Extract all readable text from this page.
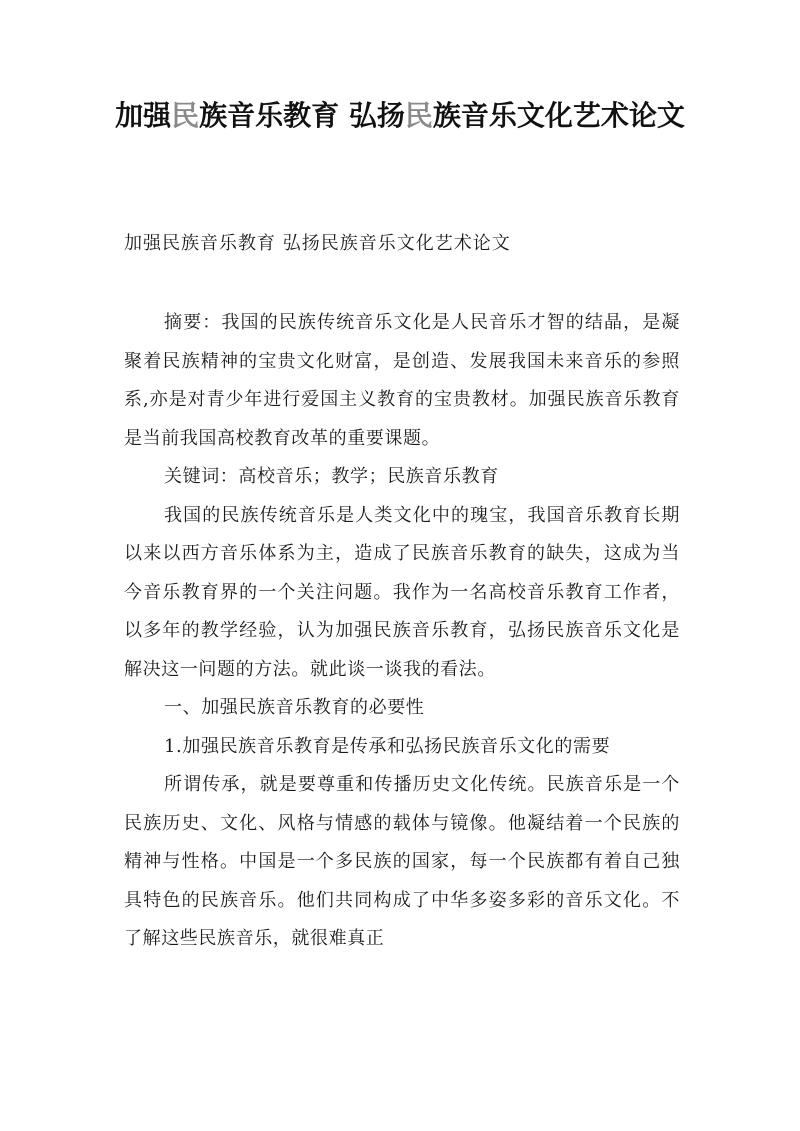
加强民族音乐教育 弘扬民族音乐文化艺术论文
加强民族音乐教育 弘扬民族音乐文化艺术论文

摘要：我国的民族传统音乐文化是人民音乐才智的结晶，是凝聚着民族精神的宝贵文化财富，是创造、发展我国未来音乐的参照系,亦是对青少年进行爱国主义教育的宝贵教材。加强民族音乐教育是当前我国高校教育改革的重要课题。

关键词：高校音乐；教学；民族音乐教育

我国的民族传统音乐是人类文化中的瑰宝，我国音乐教育长期以来以西方音乐体系为主，造成了民族音乐教育的缺失，这成为当今音乐教育界的一个关注问题。我作为一名高校音乐教育工作者，以多年的教学经验，认为加强民族音乐教育，弘扬民族音乐文化是解决这一问题的方法。就此谈一谈我的看法。

一、加强民族音乐教育的必要性

1.加强民族音乐教育是传承和弘扬民族音乐文化的需要

所谓传承，就是要尊重和传播历史文化传统。民族音乐是一个民族历史、文化、风格与情感的载体与镜像。他凝结着一个民族的精神与性格。中国是一个多民族的国家，每一个民族都有着自己独具特色的民族音乐。他们共同构成了中华多姿多彩的音乐文化。不了解这些民族音乐，就很难真正
